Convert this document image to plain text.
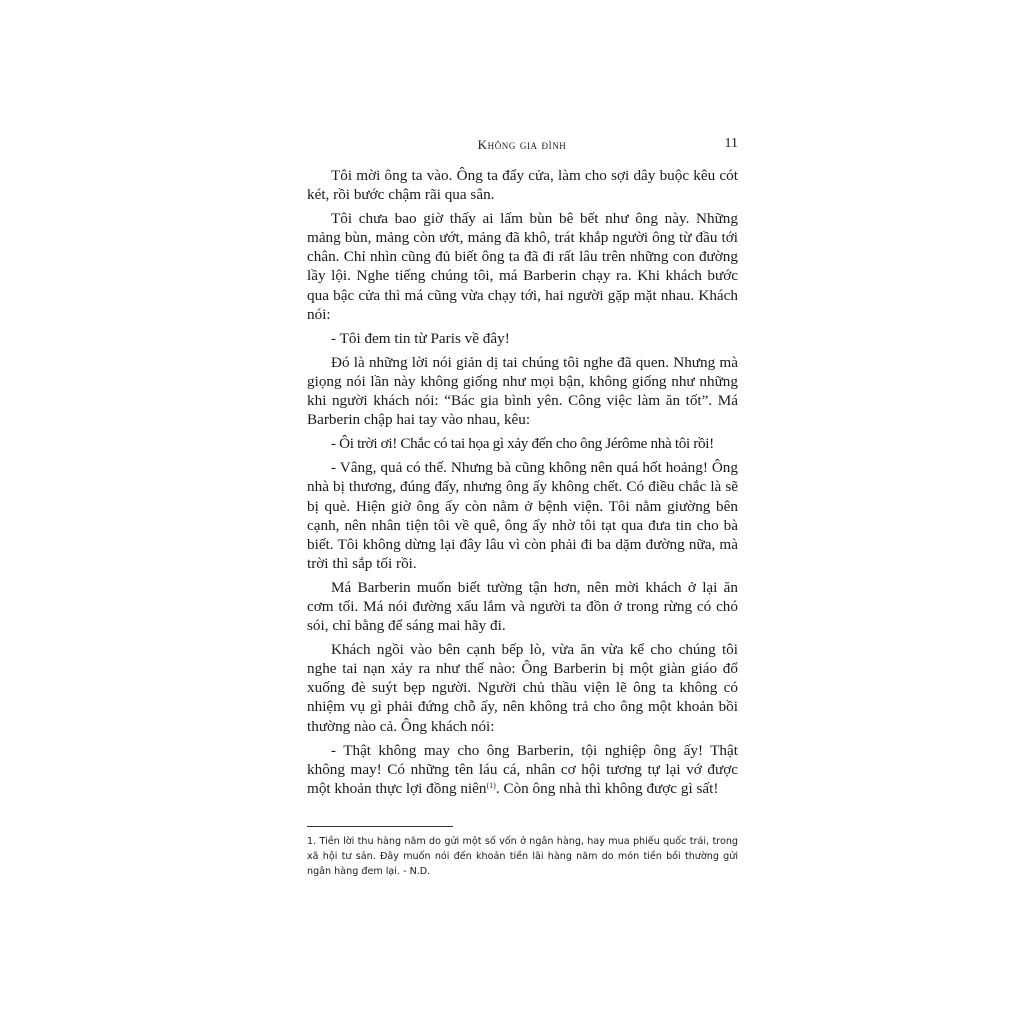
Không gia đình	11

Tôi mời ông ta vào. Ông ta đẩy cửa, làm cho sợi dây buộc kêu cót két, rồi bước chậm rãi qua sân.

Tôi chưa bao giờ thấy ai lấm bùn bê bết như ông này. Những mảng bùn, mảng còn ướt, mảng đã khô, trát khắp người ông từ đầu tới chân. Chỉ nhìn cũng đủ biết ông ta đã đi rất lâu trên những con đường lầy lội. Nghe tiếng chúng tôi, má Barberin chạy ra. Khi khách bước qua bậc cửa thì má cũng vừa chạy tới, hai người gặp mặt nhau. Khách nói:

- Tôi đem tin từ Paris về đây!

Đó là những lời nói giản dị tai chúng tôi nghe đã quen. Nhưng mà giọng nói lần này không giống như mọi bận, không giống như những khi người khách nói: “Bác gia bình yên. Công việc làm ăn tốt”. Má Barberin chập hai tay vào nhau, kêu:

- Ôi trời ơi! Chắc có tai họa gì xảy đến cho ông Jérôme nhà tôi rồi!

- Vâng, quả có thế. Nhưng bà cũng không nên quá hốt hoảng! Ông nhà bị thương, đúng đấy, nhưng ông ấy không chết. Có điều chắc là sẽ bị què. Hiện giờ ông ấy còn nằm ở bệnh viện. Tôi nằm giường bên cạnh, nên nhân tiện tôi về quê, ông ấy nhờ tôi tạt qua đưa tin cho bà biết. Tôi không dừng lại đây lâu vì còn phải đi ba dặm đường nữa, mà trời thì sắp tối rồi.

Má Barberin muốn biết tường tận hơn, nên mời khách ở lại ăn cơm tối. Má nói đường xấu lắm và người ta đồn ở trong rừng có chó sói, chỉ bằng để sáng mai hãy đi.

Khách ngồi vào bên cạnh bếp lò, vừa ăn vừa kể cho chúng tôi nghe tai nạn xảy ra như thế nào: Ông Barberin bị một giàn giáo đổ xuống đè suýt bẹp người. Người chủ thầu viện lẽ ông ta không có nhiệm vụ gì phải đứng chỗ ấy, nên không trả cho ông một khoản bồi thường nào cả. Ông khách nói:

- Thật không may cho ông Barberin, tội nghiệp ông ấy! Thật không may! Có những tên láu cá, nhân cơ hội tương tự lại vớ được một khoản thực lợi đồng niên$^{(1)}$. Còn ông nhà thì không được gì sất!

1. Tiền lời thu hàng năm do gửi một số vốn ở ngân hàng, hay mua phiếu quốc trái, trong xã hội tư sản. Đây muốn nói đến khoản tiền lãi hàng năm do món tiền bồi thường gửi ngân hàng đem lại. - N.D.
